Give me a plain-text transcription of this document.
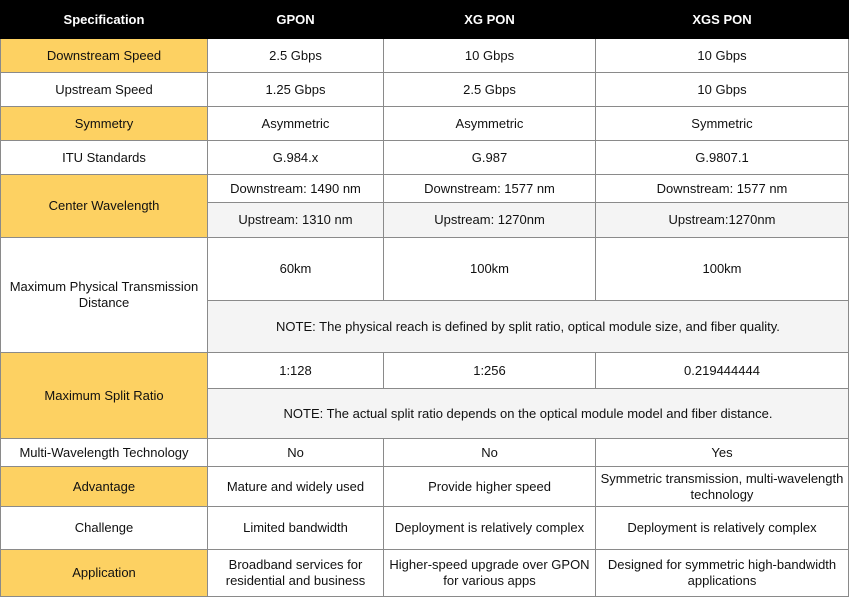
Specification	GPON	XG PON	XGS PON
Downstream Speed	2.5 Gbps	10 Gbps	10 Gbps
Upstream Speed	1.25 Gbps	2.5 Gbps	10 Gbps
Symmetry	Asymmetric	Asymmetric	Symmetric
ITU Standards	G.984.x	G.987	G.9807.1
Center Wavelength	Downstream: 1490 nm	Downstream: 1577 nm	Downstream: 1577 nm
	Upstream: 1310 nm	Upstream: 1270nm	Upstream:1270nm
Maximum Physical Transmission Distance	60km	100km	100km
	NOTE: The physical reach is defined by split ratio, optical module size, and fiber quality.		
Maximum Split Ratio	1:128	1:256	0.219444444
	NOTE: The actual split ratio depends on the optical module model and fiber distance.		
Multi-Wavelength Technology	No	No	Yes
Advantage	Mature and widely used	Provide higher speed	Symmetric transmission, multi-wavelength technology
Challenge	Limited bandwidth	Deployment is relatively complex	Deployment is relatively complex
Application	Broadband services for residential and business	Higher-speed upgrade over GPON for various apps	Designed for symmetric high-bandwidth applications
